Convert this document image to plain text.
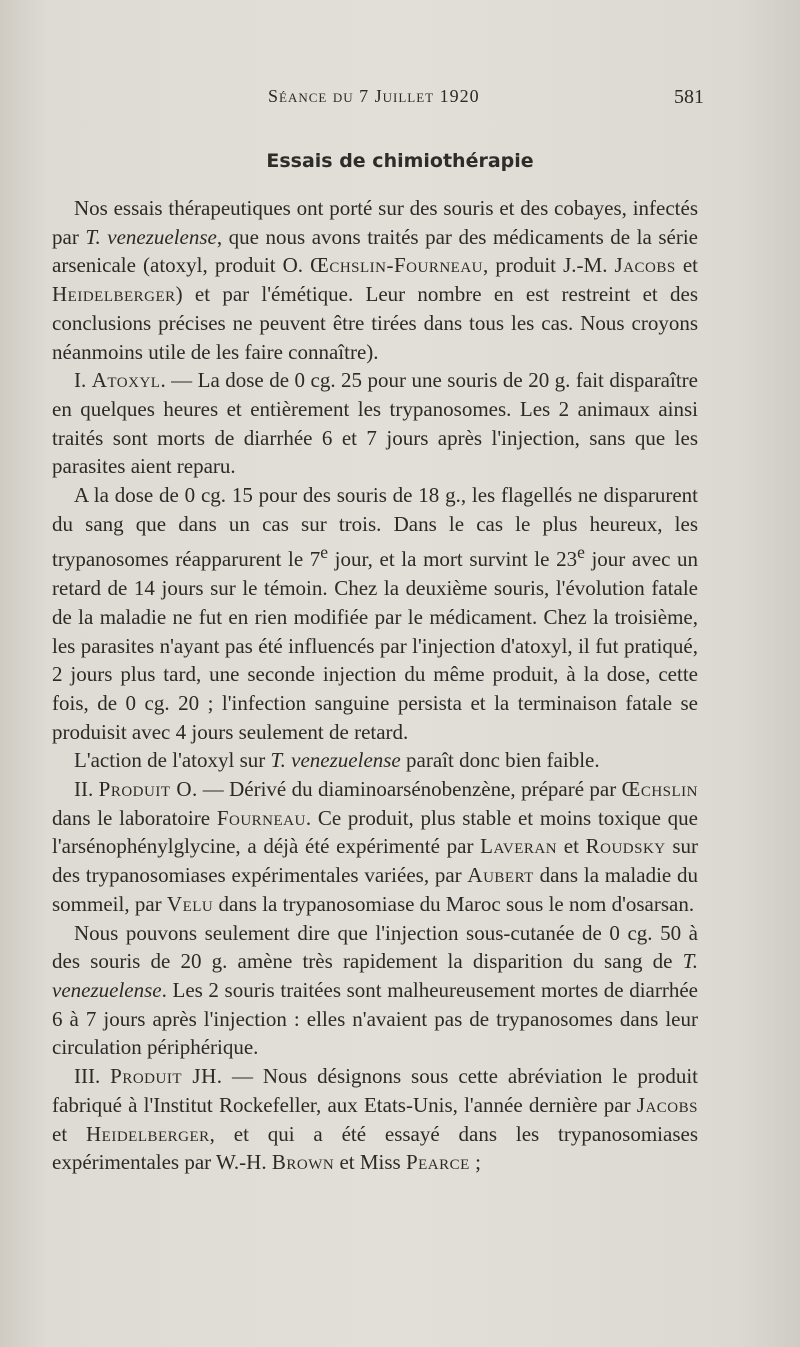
Séance du 7 Juillet 1920	581
Essais de chimiothérapie

Nos essais thérapeutiques ont porté sur des souris et des cobayes, infectés par T. venezuelense, que nous avons traités par des médicaments de la série arsenicale (atoxyl, produit O. Œchslin-Fourneau, produit J.-M. Jacobs et Heidelberger) et par l'émétique. Leur nombre en est restreint et des conclusions précises ne peuvent être tirées dans tous les cas. Nous croyons néanmoins utile de les faire connaître).

I. Atoxyl. — La dose de 0 cg. 25 pour une souris de 20 g. fait disparaître en quelques heures et entièrement les trypanosomes. Les 2 animaux ainsi traités sont morts de diarrhée 6 et 7 jours après l'injection, sans que les parasites aient reparu.

A la dose de 0 cg. 15 pour des souris de 18 g., les flagellés ne disparurent du sang que dans un cas sur trois. Dans le cas le plus heureux, les trypanosomes réapparurent le 7e jour, et la mort survint le 23e jour avec un retard de 14 jours sur le témoin. Chez la deuxième souris, l'évolution fatale de la maladie ne fut en rien modifiée par le médicament. Chez la troisième, les parasites n'ayant pas été influencés par l'injection d'atoxyl, il fut pratiqué, 2 jours plus tard, une seconde injection du même produit, à la dose, cette fois, de 0 cg. 20 ; l'infection sanguine persista et la terminaison fatale se produisit avec 4 jours seulement de retard.

L'action de l'atoxyl sur T. venezuelense paraît donc bien faible.

II. Produit O. — Dérivé du diaminoarsénobenzène, préparé par Œchslin dans le laboratoire Fourneau. Ce produit, plus stable et moins toxique que l'arsénophénylglycine, a déjà été expérimenté par Laveran et Roudsky sur des trypanosomiases expérimentales variées, par Aubert dans la maladie du sommeil, par Velu dans la trypanosomiase du Maroc sous le nom d'osarsan.

Nous pouvons seulement dire que l'injection sous-cutanée de 0 cg. 50 à des souris de 20 g. amène très rapidement la disparition du sang de T. venezuelense. Les 2 souris traitées sont malheureusement mortes de diarrhée 6 à 7 jours après l'injection : elles n'avaient pas de trypanosomes dans leur circulation périphérique.

III. Produit JH. — Nous désignons sous cette abréviation le produit fabriqué à l'Institut Rockefeller, aux Etats-Unis, l'année dernière par Jacobs et Heidelberger, et qui a été essayé dans les trypanosomiases expérimentales par W.-H. Brown et Miss Pearce ;
